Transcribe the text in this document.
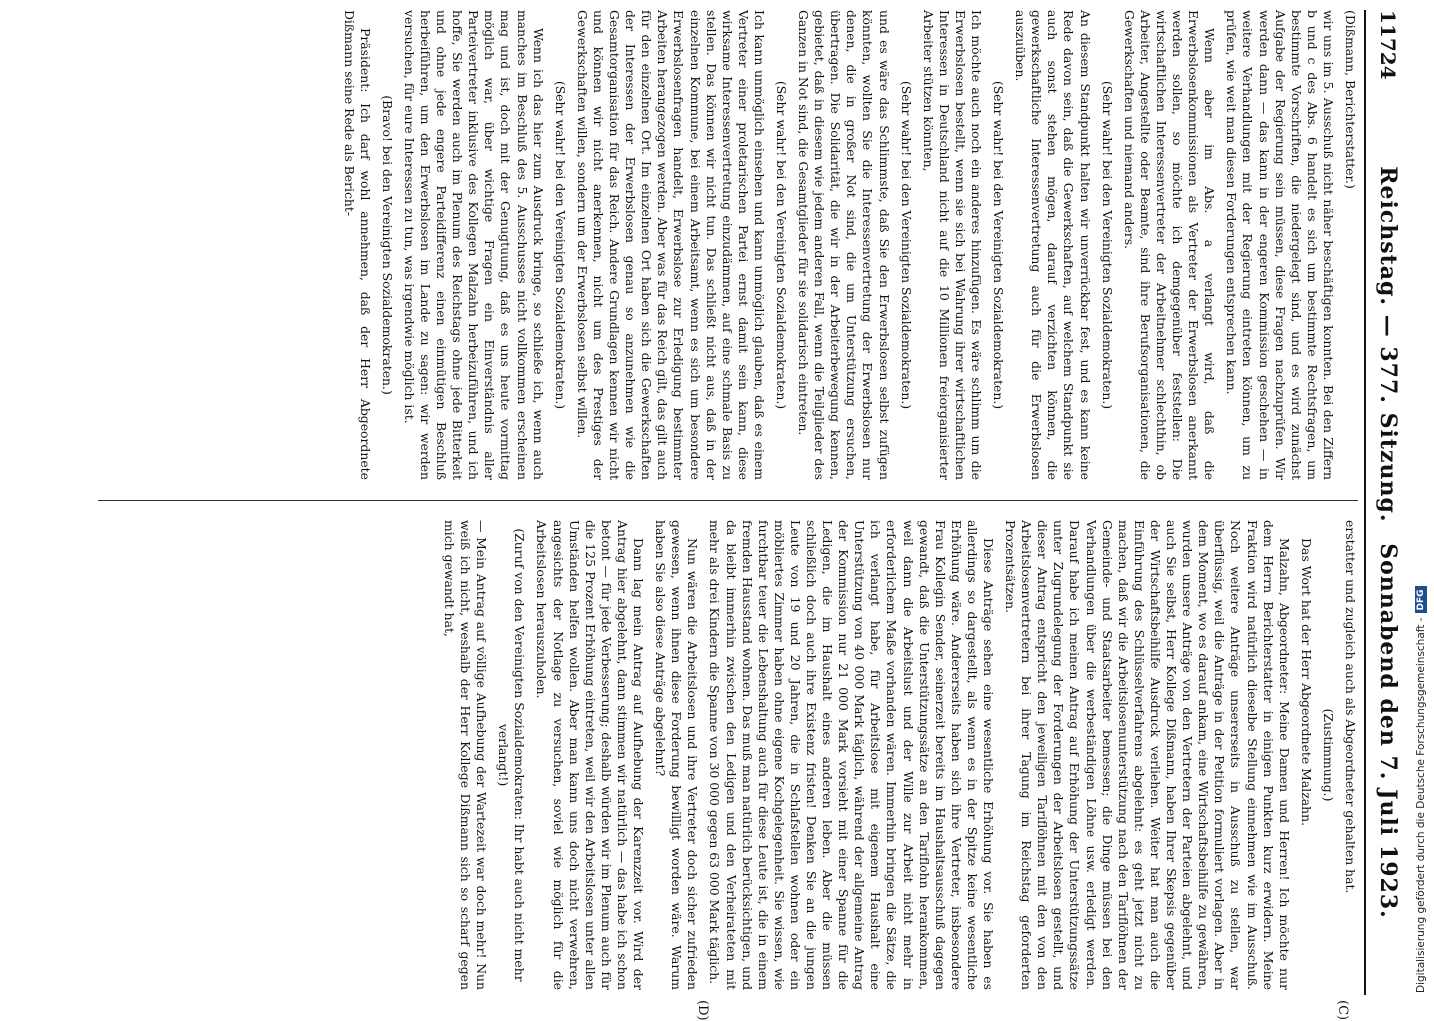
11724
Reichstag. — 377. Sitzung. Sonnabend den 7. Juli 1923.

(Dißmann, Berichterstatter.)

wir uns im 5. Ausschuß nicht näher beschäftigen konnten. Bei den Ziffern b und c des Abs. 6 handelt es sich um bestimmte Rechtsfragen, um bestimmte Vorschriften, die niedergelegt sind, und es wird zunächst Aufgabe der Regierung sein müssen, diese Fragen nachzuprüfen. Wir werden dann — das kann in der engeren Kommission geschehen — in weitere Verhandlungen mit der Regierung eintreten können, um zu prüfen, wie weit man diesen Forderungen entsprechen kann.

Wenn aber im Abs. a verlangt wird, daß die Erwerbslosenkommissionen als Vertreter der Erwerbslosen anerkannt werden sollen, so möchte ich demgegenüber feststellen: Die wirtschaftlichen Interessenvertreter der Arbeitnehmer schlechthin, ob Arbeiter, Angestellte oder Beamte, sind ihre Berufsorganisationen, die Gewerkschaften und niemand anders.

(Sehr wahr! bei den Vereinigten Sozialdemokraten.)

An diesem Standpunkt halten wir unverrückbar fest, und es kann keine Rede davon sein, daß die Gewerkschaften, auf welchem Standpunkt sie auch sonst stehen mögen, darauf verzichten können, die gewerkschaftliche Interessenvertretung auch für die Erwerbslosen auszuüben.

(Sehr wahr! bei den Vereinigten Sozialdemokraten.)

Ich möchte auch noch ein anderes hinzufügen. Es wäre schlimm um die Erwerbslosen bestellt, wenn sie sich bei Wahrung ihrer wirtschaftlichen Interessen in Deutschland nicht auf die 10 Millionen freiorganisierter Arbeiter stützen könnten,

(Sehr wahr! bei den Vereinigten Sozialdemokraten.)

und es wäre das Schlimmste, daß Sie den Erwerbslosen selbst zufügen könnten, wollten Sie die Interessenvertretung der Erwerbslosen nur denen, die in großer Not sind, die um Unterstützung ersuchen, übertragen. Die Solidarität, die wir in der Arbeiterbewegung kennen, gebietet, daß in diesem wie jedem anderen Fall, wenn die Teilglieder des Ganzen in Not sind, die Gesamtglieder für sie solidarisch eintreten.

(Sehr wahr! bei den Vereinigten Sozialdemokraten.)

Ich kann unmöglich einsehen und kann unmöglich glauben, daß es einem Vertreter einer proletarischen Partei ernst damit sein kann, diese wirksame Interessenvertretung einzudämmen, auf eine schmale Basis zu stellen. Das können wir nicht tun. Das schließt nicht aus, daß in der einzelnen Kommune, bei einem Arbeitsamt, wenn es sich um besondere Erwerbslosenfragen handelt, Erwerbslose zur Erledigung bestimmter Arbeiten herangezogen werden. Aber was für das Reich gilt, das gilt auch für den einzelnen Ort. Im einzelnen Ort haben sich die Gewerkschaften der Interessen der Erwerbslosen genau so anzunehmen wie die Gesamtorganisation für das Reich. Andere Grundlagen kennen wir nicht und können wir nicht anerkennen, nicht um des Prestiges der Gewerkschaften willen, sondern um der Erwerbslosen selbst willen.

(Sehr wahr! bei den Vereinigten Sozialdemokraten.)

Wenn ich das hier zum Ausdruck bringe, so schließe ich, wenn auch manches im Beschluß des 5. Ausschusses nicht vollkommen erscheinen mag und ist, doch mit der Genugtuung, daß es uns heute vormittag möglich war, über wichtige Fragen ein Einverständnis aller Parteivertreter inklusive des Kollegen Malzahn herbeizuführen, und ich hoffe, Sie werden auch im Plenum des Reichstags ohne jede Bitterkeit und ohne jede engere Parteidifferenz einen einmütigen Beschluß herbeiführen, um den Erwerbslosen im Lande zu sagen: wir werden versuchen, für eure Interessen zu tun, was irgendwie möglich ist.

(Bravo! bei den Vereinigten Sozialdemokraten.)

Präsident: Ich darf wohl annehmen, daß der Herr Abgeordnete Dißmann seine Rede als Bericht-

erstatter und zugleich auch als Abgeordneter gehalten hat.

(Zustimmung.)

Das Wort hat der Herr Abgeordnete Malzahn.

Malzahn, Abgeordneter: Meine Damen und Herren! Ich möchte nur dem Herrn Berichterstatter in einigen Punkten kurz erwidern. Meine Fraktion wird natürlich dieselbe Stellung einnehmen wie im Ausschuß. Noch weitere Anträge unsererseits in Ausschuß zu stellen, war überflüssig, weil die Anträge in der Petition formuliert vorlagen. Aber in dem Moment, wo es darauf ankam, eine Wirtschaftsbeihilfe zu gewähren, wurden unsere Anträge von den Vertretern der Parteien abgelehnt, und auch Sie selbst, Herr Kollege Dißmann, haben Ihrer Skepsis gegenüber der Wirtschaftsbeihilfe Ausdruck verliehen. Weiter hat man auch die Einführung des Schlüsselverfahrens abgelehnt: es geht jetzt nicht zu machen, daß wir die Arbeitslosenunterstützung nach den Tariflöhnen der Gemeinde- und Staatsarbeiter bemessen; die Dinge müssen bei den Verhandlungen über die werbeständigen Löhne usw. erledigt werden. Darauf habe ich meinen Antrag auf Erhöhung der Unterstützungssätze unter Zugrundelegung der Forderungen der Arbeitslosen gestellt, und dieser Antrag entspricht den jeweiligen Tariflöhnen mit den von den Arbeitslosenvertretern bei ihrer Tagung im Reichstag geforderten Prozentsätzen.

Diese Anträge sehen eine wesentliche Erhöhung vor. Sie haben es allerdings so dargestellt, als wenn es in der Spitze keine wesentliche Erhöhung wäre. Andererseits haben sich ihre Vertreter, insbesondere Frau Kollegin Sender, seinerzeit bereits im Haushaltsausschuß dagegen gewandt, daß die Unterstützungssätze an den Tariflohn herankommen, weil dann die Arbeitslust und der Wille zur Arbeit nicht mehr in erforderlichem Maße vorhanden wären. Immerhin bringen die Sätze, die ich verlangt habe, für Arbeitslose mit eigenem Haushalt eine Unterstützung von 40 000 Mark täglich, während der allgemeine Antrag der Kommission nur 21 000 Mark vorsieht mit einer Spanne für die Ledigen, die im Haushalt eines anderen leben. Aber die müssen schließlich doch auch ihre Existenz fristen! Denken Sie an die jungen Leute von 19 und 20 Jahren, die in Schlafstellen wohnen oder ein möbliertes Zimmer haben ohne eigene Kochgelegenheit. Sie wissen, wie furchtbar teuer die Lebenshaltung auch für diese Leute ist, die in einem fremden Hausstand wohnen. Das muß man natürlich berücksichtigen, und da bleibt immerhin zwischen den Ledigen und den Verheirateten mit mehr als drei Kindern die Spanne von 30 000 gegen 63 000 Mark täglich.

Nun wären die Arbeitslosen und ihre Vertreter doch sicher zufrieden gewesen, wenn ihnen diese Forderung bewilligt worden wäre. Warum haben Sie also diese Anträge abgelehnt?

Dann lag mein Antrag auf Aufhebung der Karenzzeit vor. Wird der Antrag hier abgelehnt, dann stimmen wir natürlich — das habe ich schon betont — für jede Verbesserung; deshalb würden wir im Plenum auch für die 125 Prozent Erhöhung eintreten, weil wir den Arbeitslosen unter allen Umständen helfen wollen. Aber man kann uns doch nicht verwehren, angesichts der Notlage zu versuchen, soviel wie möglich für die Arbeitslosen herauszuholen.

(Zuruf von den Vereinigten Sozialdemokraten: Ihr habt auch nicht mehr verlangt!)

— Mein Antrag auf völlige Aufhebung der Wartezeit war doch mehr! Nun weiß ich nicht, weshalb der Herr Kollege Dißmann sich so scharf gegen mich gewandt hat,

(C)
(D)
Digitalisierung gefördert durch die Deutsche Forschungsgemeinschaft -
DFG
